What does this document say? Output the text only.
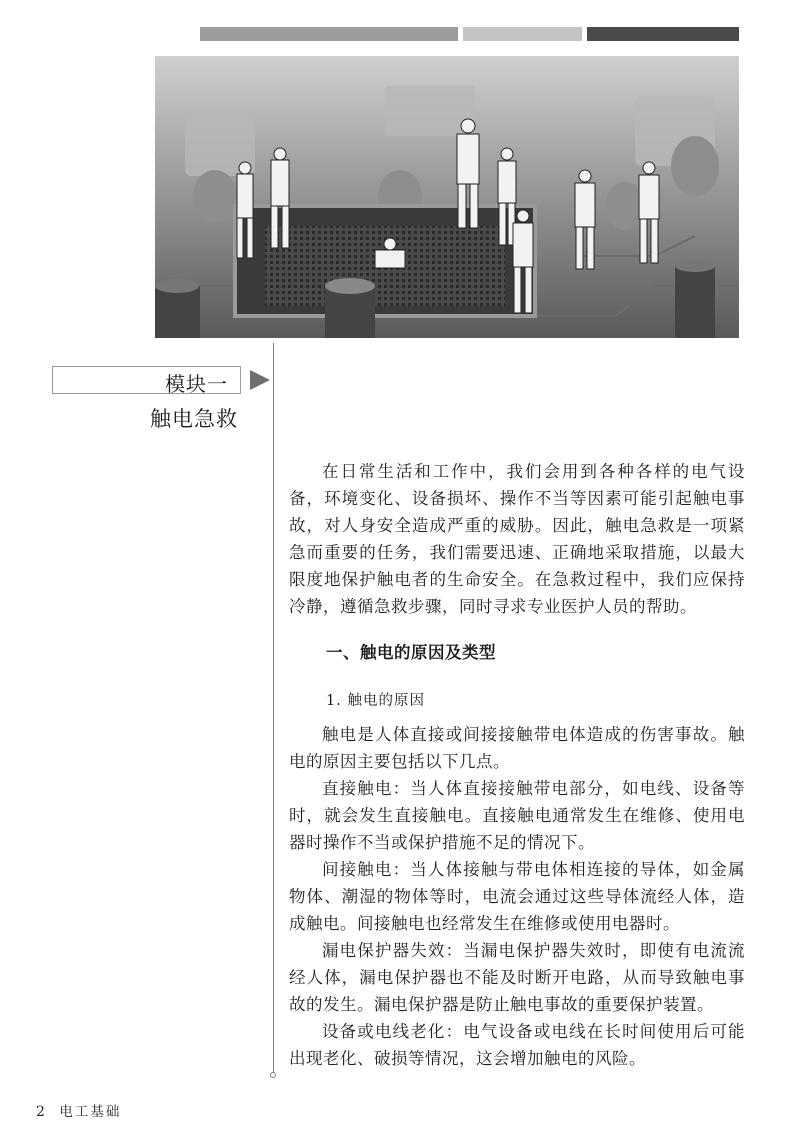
模块一
触电急救

在日常生活和工作中，我们会用到各种各样的电气设备，环境变化、设备损坏、操作不当等因素可能引起触电事故，对人身安全造成严重的威胁。因此，触电急救是一项紧急而重要的任务，我们需要迅速、正确地采取措施，以最大限度地保护触电者的生命安全。在急救过程中，我们应保持冷静，遵循急救步骤，同时寻求专业医护人员的帮助。

一、触电的原因及类型
1. 触电的原因

触电是人体直接或间接接触带电体造成的伤害事故。触电的原因主要包括以下几点。

直接触电：当人体直接接触带电部分，如电线、设备等时，就会发生直接触电。直接触电通常发生在维修、使用电器时操作不当或保护措施不足的情况下。

间接触电：当人体接触与带电体相连接的导体，如金属物体、潮湿的物体等时，电流会通过这些导体流经人体，造成触电。间接触电也经常发生在维修或使用电器时。

漏电保护器失效：当漏电保护器失效时，即使有电流流经人体，漏电保护器也不能及时断开电路，从而导致触电事故的发生。漏电保护器是防止触电事故的重要保护装置。

设备或电线老化：电气设备或电线在长时间使用后可能出现老化、破损等情况，这会增加触电的风险。

2 电工基础
